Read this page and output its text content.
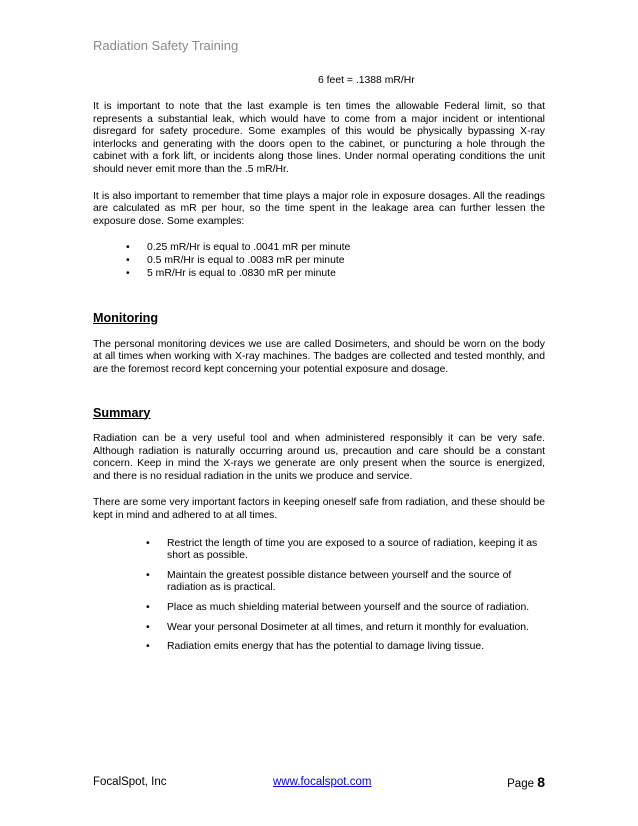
Radiation Safety Training
6 feet = .1388 mR/Hr

It is important to note that the last example is ten times the allowable Federal limit, so that represents a substantial leak, which would have to come from a major incident or intentional disregard for safety procedure. Some examples of this would be physically bypassing X-ray interlocks and generating with the doors open to the cabinet, or puncturing a hole through the cabinet with a fork lift, or incidents along those lines. Under normal operating conditions the unit should never emit more than the .5 mR/Hr.

It is also important to remember that time plays a major role in exposure dosages. All the readings are calculated as mR per hour, so the time spent in the leakage area can further lessen the exposure dose. Some examples:

• 0.25 mR/Hr is equal to .0041 mR per minute
• 0.5 mR/Hr is equal to .0083 mR per minute
• 5 mR/Hr is equal to .0830 mR per minute
Monitoring

The personal monitoring devices we use are called Dosimeters, and should be worn on the body at all times when working with X-ray machines. The badges are collected and tested monthly, and are the foremost record kept concerning your potential exposure and dosage.

Summary

Radiation can be a very useful tool and when administered responsibly it can be very safe. Although radiation is naturally occurring around us, precaution and care should be a constant concern. Keep in mind the X-rays we generate are only present when the source is energized, and there is no residual radiation in the units we produce and service.

There are some very important factors in keeping oneself safe from radiation, and these should be kept in mind and adhered to at all times.

• Restrict the length of time you are exposed to a source of radiation, keeping it as short as possible.
• Maintain the greatest possible distance between yourself and the source of radiation as is practical.
• Place as much shielding material between yourself and the source of radiation.
• Wear your personal Dosimeter at all times, and return it monthly for evaluation.
• Radiation emits energy that has the potential to damage living tissue.
FocalSpot, Inc	www.focalspot.com	Page 8
